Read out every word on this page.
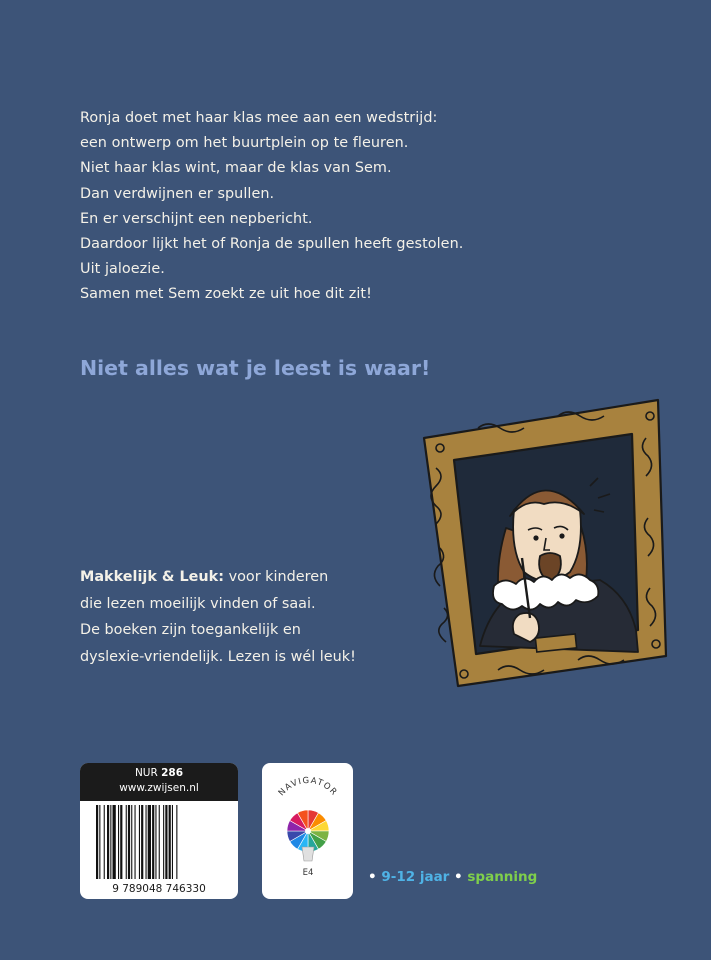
Ronja doet met haar klas mee aan een wedstrijd:
een ontwerp om het buurtplein op te fleuren.
Niet haar klas wint, maar de klas van Sem.
Dan verdwijnen er spullen.
En er verschijnt een nepbericht.
Daardoor lijkt het of Ronja de spullen heeft gestolen.
Uit jaloezie.
Samen met Sem zoekt ze uit hoe dit zit!
Niet alles wat je leest is waar!
Makkelijk & Leuk: voor kinderen
die lezen moeilijk vinden of saai.
De boeken zijn toegankelijk en
dyslexie-vriendelijk. Lezen is wél leuk!
NUR 286
www.zwijsen.nl
9 789048 746330
NAVIGATOR
E4	• 9-12 jaar • spanning
